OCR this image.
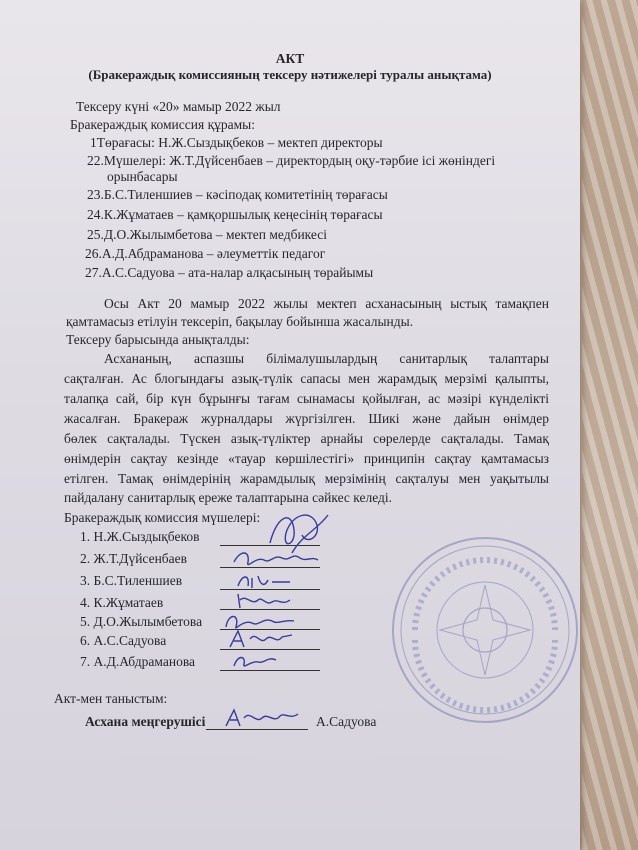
АКТ
(Бракераждық комиссияның тексеру нәтижелері туралы анықтама)
Тексеру күні «20» мамыр 2022 жыл
Бракераждық комиссия құрамы:
1Төрағасы: Н.Ж.Сыздықбеков – мектеп директоры
22.Мүшелері: Ж.Т.Дүйсенбаев – директордың оқу-тәрбие ісі жөніндегі
орынбасары
23.Б.С.Тиленшиев – кәсіподақ комитетінің төрағасы
24.К.Жұматаев – қамқоршылық кеңесінің төрағасы
25.Д.О.Жылымбетова – мектеп медбикесі
26.А.Д.Абдраманова – әлеуметтік педагог
27.А.С.Садуова – ата-налар алқасының төрайымы
Осы Акт 20 мамыр 2022 жылы мектеп асханасының ыстық тамақпен
қамтамасыз етілуін тексеріп, бақылау бойынша жасалынды.
Тексеру барысында анықталды:
Асхананың, аспазшы білімалушылардың санитарлық талаптары
сақталған. Ас блогындағы азық-түлік сапасы мен жарамдық мерзімі қалыпты,
талапқа сай, бір күн бұрынғы тағам сынамасы қойылған, ас мәзірі күнделікті
жасалған. Бракераж журналдары жүргізілген. Шикі және дайын өнімдер
бөлек сақталады. Түскен азық-түліктер арнайы сөрелерде сақталады. Тамақ
өнімдерін сақтау кезінде «тауар көршілестігі» принципін сақтау қамтамасыз
етілген. Тамақ өнімдерінің жарамдылық мерзімінің сақталуы мен уақытылы
пайдалану санитарлық ереже талаптарына сәйкес келеді.
Бракераждық комиссия мүшелері:
1. Н.Ж.Сыздықбеков
2. Ж.Т.Дүйсенбаев
3. Б.С.Тиленшиев
4. К.Жұматаев
5. Д.О.Жылымбетова
6. А.С.Садуова
7. А.Д.Абдраманова
Акт-мен таныстым:
Асхана меңгерушісі	А.Садуова
